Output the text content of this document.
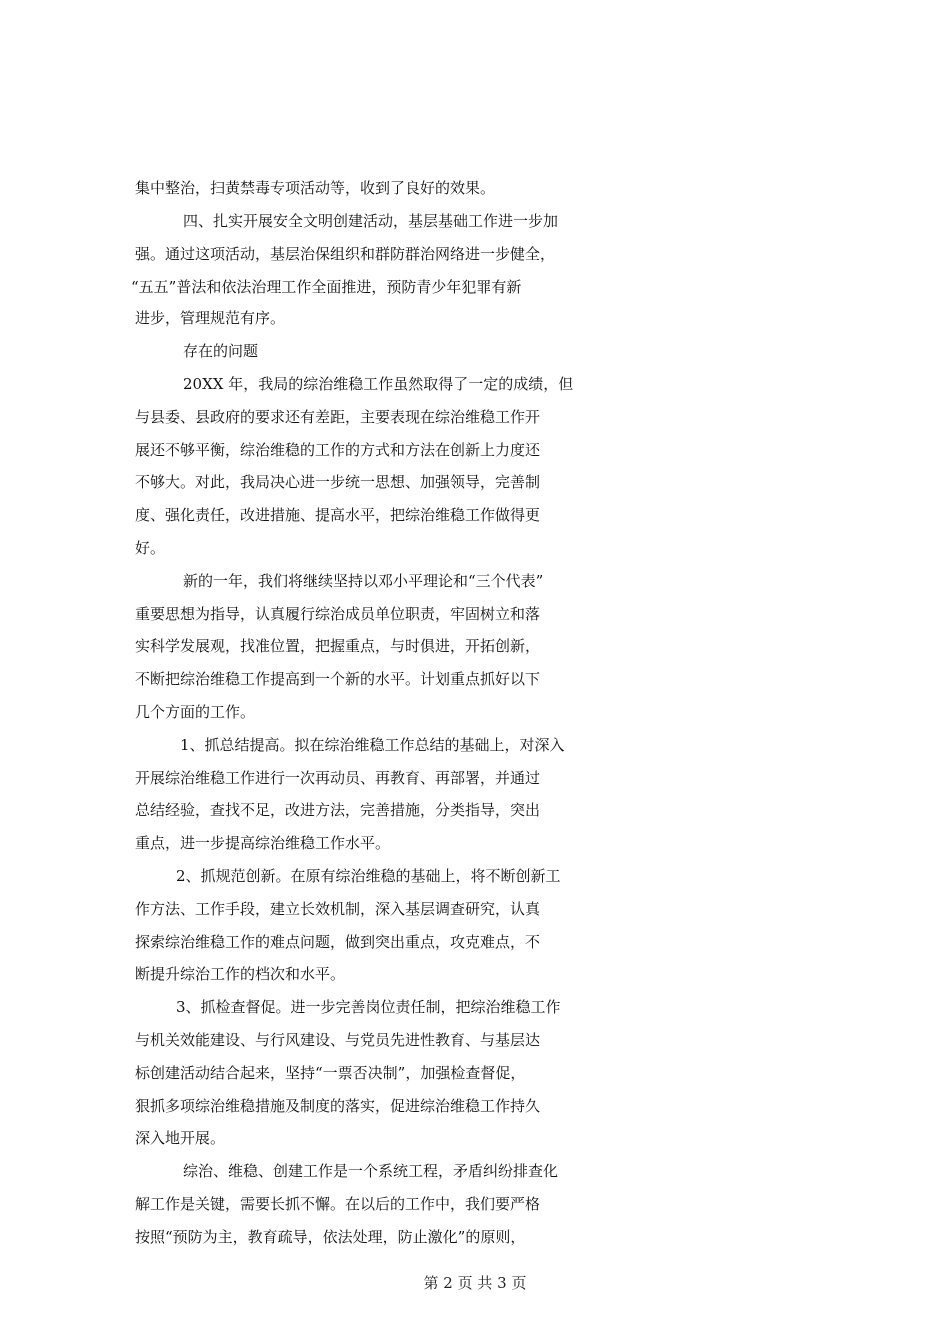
集中整治，扫黄禁毒专项活动等，收到了良好的效果。
四、扎实开展安全文明创建活动，基层基础工作进一步加
强。通过这项活动，基层治保组织和群防群治网络进一步健全，
“五五”普法和依法治理工作全面推进，预防青少年犯罪有新
进步，管理规范有序。
存在的问题
20XX 年，我局的综治维稳工作虽然取得了一定的成绩，但
与县委、县政府的要求还有差距，主要表现在综治维稳工作开
展还不够平衡，综治维稳的工作的方式和方法在创新上力度还
不够大。对此，我局决心进一步统一思想、加强领导，完善制
度、强化责任，改进措施、提高水平，把综治维稳工作做得更
好。
新的一年，我们将继续坚持以邓小平理论和“三个代表”
重要思想为指导，认真履行综治成员单位职责，牢固树立和落
实科学发展观，找准位置，把握重点，与时俱进，开拓创新，
不断把综治维稳工作提高到一个新的水平。计划重点抓好以下
几个方面的工作。
1、抓总结提高。拟在综治维稳工作总结的基础上，对深入
开展综治维稳工作进行一次再动员、再教育、再部署，并通过
总结经验，查找不足，改进方法，完善措施，分类指导，突出
重点，进一步提高综治维稳工作水平。
2、抓规范创新。在原有综治维稳的基础上，将不断创新工
作方法、工作手段，建立长效机制，深入基层调查研究，认真
探索综治维稳工作的难点问题，做到突出重点，攻克难点，不
断提升综治工作的档次和水平。
3、抓检查督促。进一步完善岗位责任制，把综治维稳工作
与机关效能建设、与行风建设、与党员先进性教育、与基层达
标创建活动结合起来，坚持“一票否决制”，加强检查督促，
狠抓多项综治维稳措施及制度的落实，促进综治维稳工作持久
深入地开展。
综治、维稳、创建工作是一个系统工程，矛盾纠纷排查化
解工作是关键，需要长抓不懈。在以后的工作中，我们要严格
按照“预防为主，教育疏导，依法处理，防止激化”的原则，
第 2 页 共 3 页
